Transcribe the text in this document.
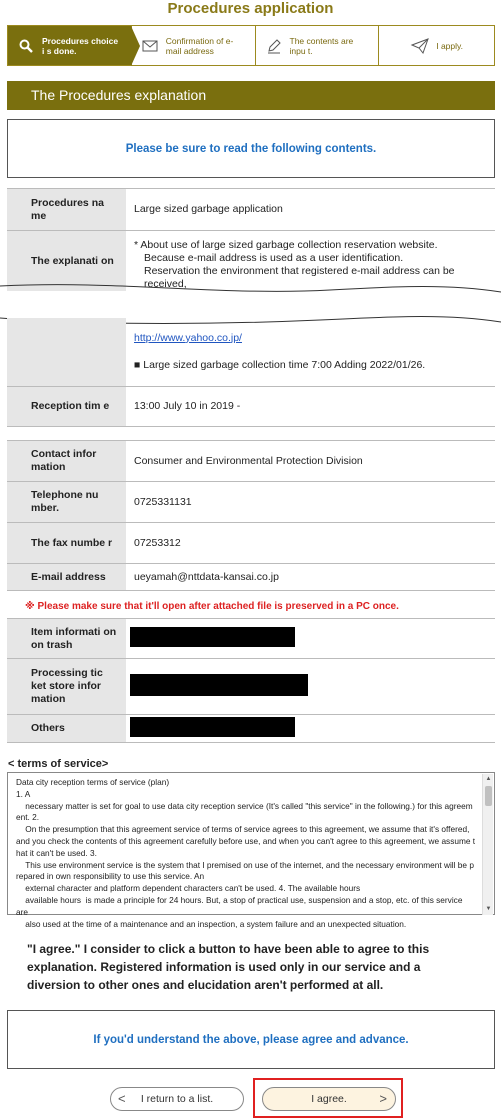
Procedures application
Procedures choice i s done.
Confirmation of e-mail address
The contents are inpu t.	I apply.
The Procedures explanation
Please be sure to read the following contents.
Procedures na me	Large sized garbage application
The explanati on	* About use of large sized garbage collection reservation website.
Because e-mail address is used as a user identification.
Reservation the environment that registered e-mail address can be received,

	http://www.yahoo.co.jp/
■ Large sized garbage collection time 7:00 Adding 2022/01/26.

Reception tim e	13:00 July 10 in 2019 -
Contact infor mation	Consumer and Environmental Protection Division
Telephone nu mber.	0725331131
The fax numbe r	07253312
E-mail address	ueyamah@nttdata-kansai.co.jp
※ Please make sure that it'll open after attached file is preserved in a PC once.
Item informati on on trash	
Processing tic ket store infor mation	
Others	
< terms of service>

Data city reception terms of service (plan)

1. A

necessary matter is set for goal to use data city reception service (It's called "this service" in the following.) for this agreem

ent. 2.

On the presumption that this agreement service of terms of service agrees to this agreement, we assume that it's offered,

and you check the contents of this agreement carefully before use, and when you can't agree to this agreement, we assume t

hat it can't be used. 3.

This use environment service is the system that I premised on use of the internet, and the necessary environment will be p

repared in own responsibility to use this service. An

external character and platform dependent characters can't be used. 4. The available hours

available hours  is made a principle for 24 hours. But, a stop of practical use, suspension and a stop, etc. of this service are

also used at the time of a maintenance and an inspection, a system failure and an unexpected situation.

▲
▼
"I agree." I consider to click a button to have been able to agree to this explanation. Registered information is used only in our service and a diversion to other ones and elucidation aren't performed at all.
If you'd understand the above, please agree and advance.
< I return to a list.	I agree.	>
